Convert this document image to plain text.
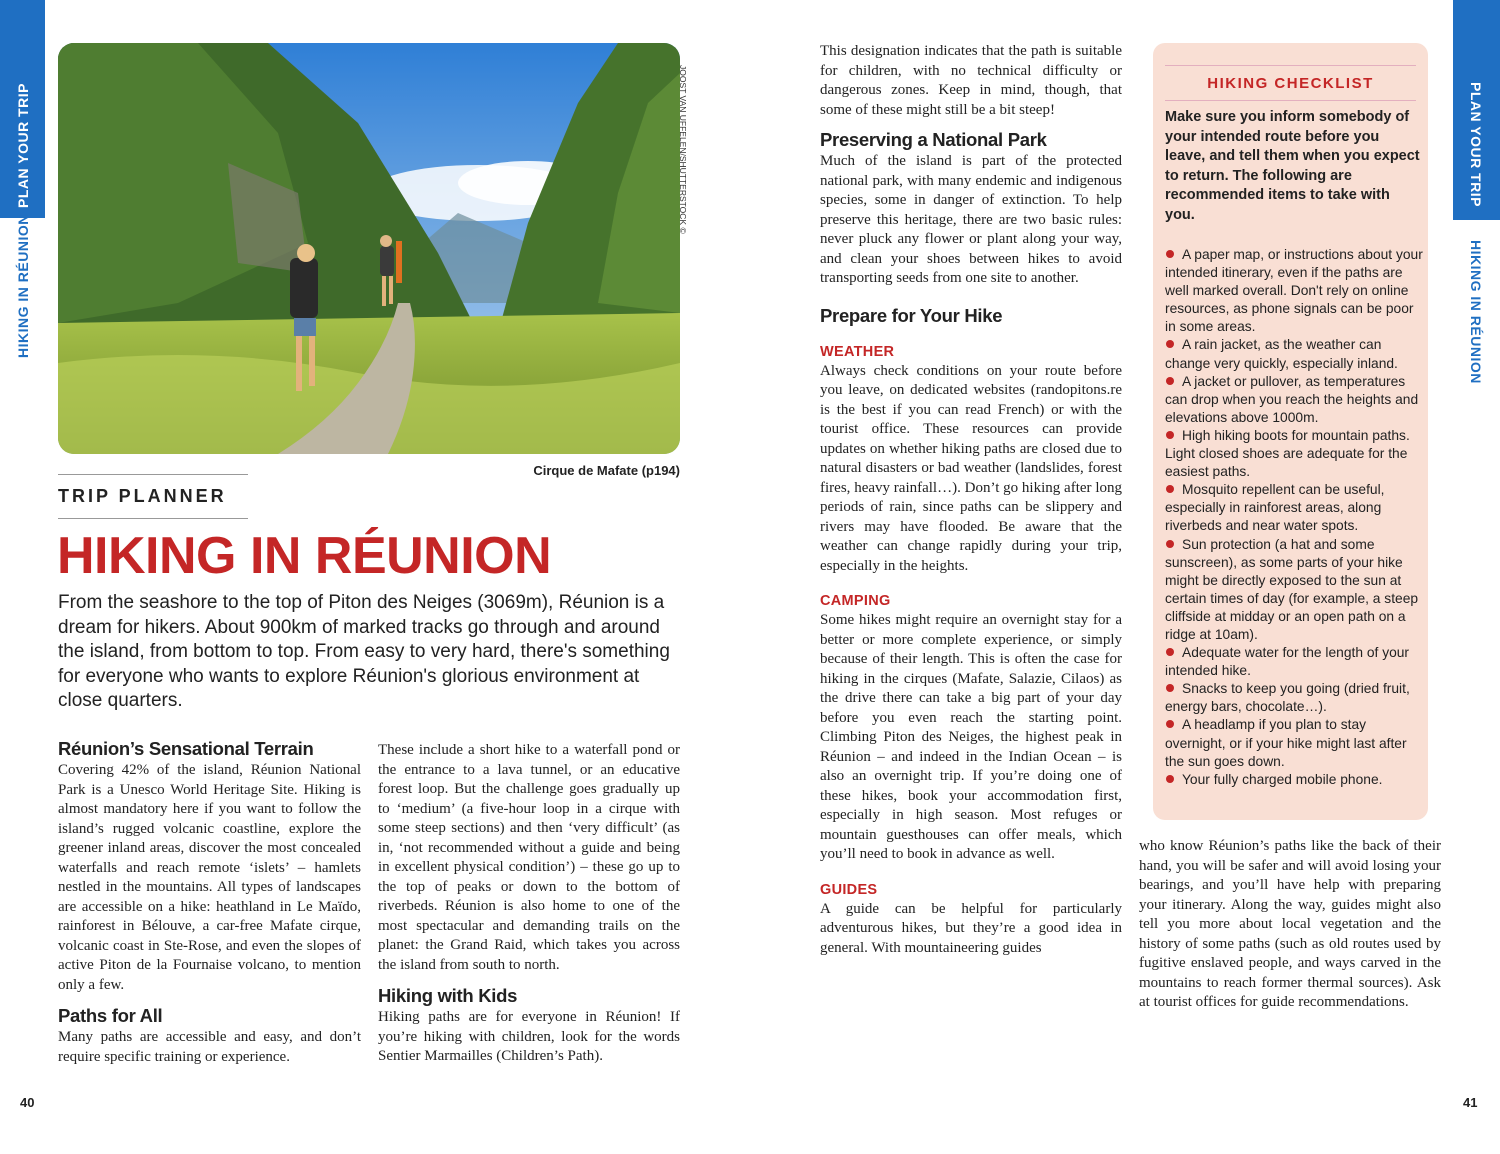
PLAN YOUR TRIP
HIKING IN RÉUNION
PLAN YOUR TRIP
HIKING IN RÉUNION
JOOST VAN UFFELEN/SHUTTERSTOCK ©
Cirque de Mafate (p194)
TRIP PLANNER
HIKING IN RÉUNION
From the seashore to the top of Piton des Neiges (3069m), Réunion is a dream for hikers. About 900km of marked tracks go through and around the island, from bottom to top. From easy to very hard, there's something for everyone who wants to explore Réunion's glorious environment at close quarters.
Réunion’s Sensational Terrain

Covering 42% of the island, Réunion National Park is a Unesco World Heritage Site. Hiking is almost mandatory here if you want to follow the island’s rugged volcanic coastline, explore the greener inland areas, discover the most concealed waterfalls and reach remote ‘islets’ – hamlets nestled in the mountains. All types of landscapes are accessible on a hike: heathland in Le Maïdo, rainforest in Bélouve, a car-free Mafate cirque, volcanic coast in Ste-Rose, and even the slopes of active Piton de la Fournaise volcano, to mention only a few.

Paths for All

Many paths are accessible and easy, and don’t require specific training or experience.

These include a short hike to a waterfall pond or the entrance to a lava tunnel, or an educative forest loop. But the challenge goes gradually up to ‘medium’ (a five-hour loop in a cirque with some steep sections) and then ‘very difficult’ (as in, ‘not recommended without a guide and being in excellent physical condition’) – these go up to the top of peaks or down to the bottom of riverbeds. Réunion is also home to one of the most spectacular and demanding trails on the planet: the Grand Raid, which takes you across the island from south to north.

Hiking with Kids

Hiking paths are for everyone in Réunion! If you’re hiking with children, look for the words Sentier Marmailles (Children’s Path).

This designation indicates that the path is suitable for children, with no technical difficulty or dangerous zones. Keep in mind, though, that some of these might still be a bit steep!

Preserving a National Park

Much of the island is part of the protected national park, with many endemic and indigenous species, some in danger of extinction. To help preserve this heritage, there are two basic rules: never pluck any flower or plant along your way, and clean your shoes between hikes to avoid transporting seeds from one site to another.

Prepare for Your Hike
WEATHER

Always check conditions on your route before you leave, on dedicated websites (randopitons.re is the best if you can read French) or with the tourist office. These resources can provide updates on whether hiking paths are closed due to natural disasters or bad weather (landslides, forest fires, heavy rainfall…). Don’t go hiking after long periods of rain, since paths can be slippery and rivers may have flooded. Be aware that the weather can change rapidly during your trip, especially in the heights.

CAMPING

Some hikes might require an overnight stay for a better or more complete experience, or simply because of their length. This is often the case for hiking in the cirques (Mafate, Salazie, Cilaos) as the drive there can take a big part of your day before you even reach the starting point. Climbing Piton des Neiges, the highest peak in Réunion – and indeed in the Indian Ocean – is also an overnight trip. If you’re doing one of these hikes, book your accommodation first, especially in high season. Most refuges or mountain guesthouses can offer meals, which you’ll need to book in advance as well.

GUIDES

A guide can be helpful for particularly adventurous hikes, but they’re a good idea in general. With mountaineering guides

who know Réunion’s paths like the back of their hand, you will be safer and will avoid losing your bearings, and you’ll have help with preparing your itinerary. Along the way, guides might also tell you more about local vegetation and the history of some paths (such as old routes used by fugitive enslaved people, and ways carved in the mountains to reach former thermal sources). Ask at tourist offices for guide recommendations.

HIKING CHECKLIST
Make sure you inform somebody of your intended route before you leave, and tell them when you expect to return. The following are recommended items to take with you.
A paper map, or instructions about your intended itinerary, even if the paths are well marked overall. Don't rely on online resources, as phone signals can be poor in some areas.
A rain jacket, as the weather can change very quickly, especially inland.
A jacket or pullover, as temperatures can drop when you reach the heights and elevations above 1000m.
High hiking boots for mountain paths. Light closed shoes are adequate for the easiest paths.
Mosquito repellent can be useful, especially in rainforest areas, along riverbeds and near water spots.
Sun protection (a hat and some sunscreen), as some parts of your hike might be directly exposed to the sun at certain times of day (for example, a steep cliffside at midday or an open path on a ridge at 10am).
Adequate water for the length of your intended hike.
Snacks to keep you going (dried fruit, energy bars, chocolate…).
A headlamp if you plan to stay overnight, or if your hike might last after the sun goes down.
Your fully charged mobile phone.
40	41
